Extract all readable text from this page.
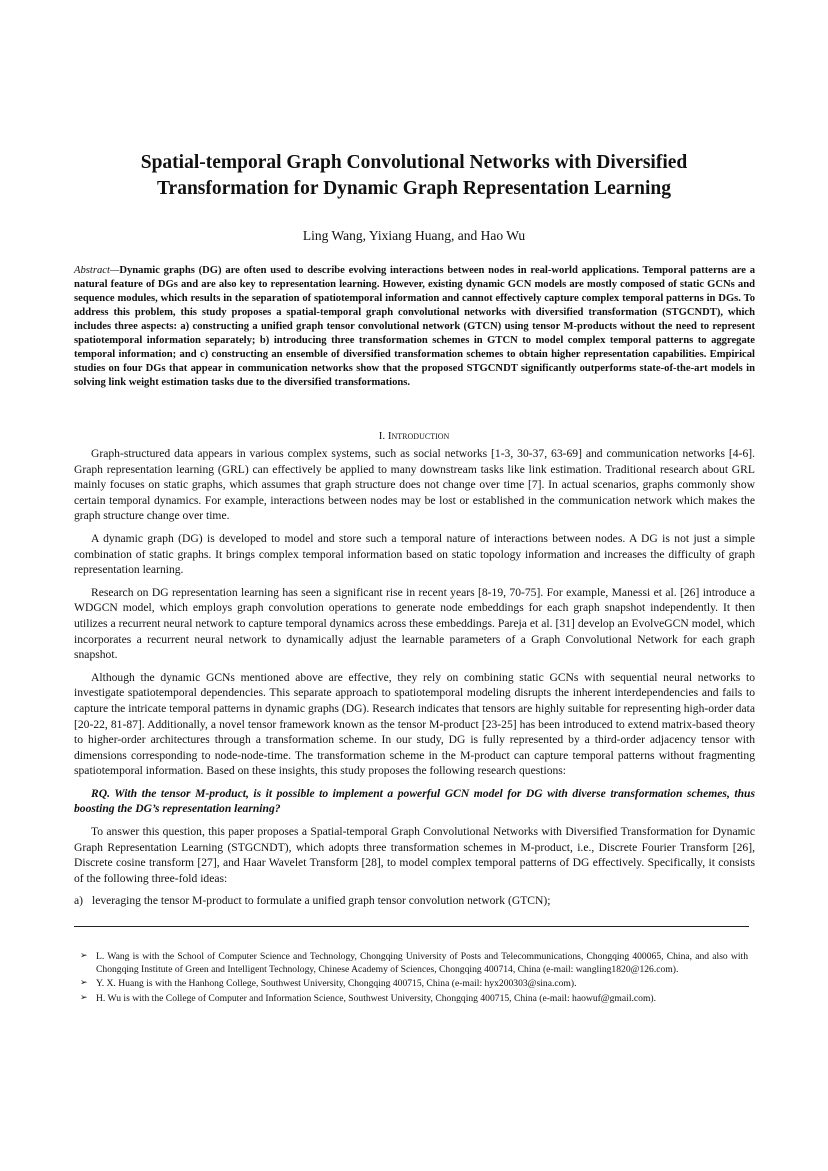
Spatial-temporal Graph Convolutional Networks with Diversified
Transformation for Dynamic Graph Representation Learning
Ling Wang, Yixiang Huang, and Hao Wu

Abstract—Dynamic graphs (DG) are often used to describe evolving interactions between nodes in real-world applications. Temporal patterns are a natural feature of DGs and are also key to representation learning. However, existing dynamic GCN models are mostly composed of static GCNs and sequence modules, which results in the separation of spatiotemporal information and cannot effectively capture complex temporal patterns in DGs. To address this problem, this study proposes a spatial-temporal graph convolutional networks with diversified transformation (STGCNDT), which includes three aspects: a) constructing a unified graph tensor convolutional network (GTCN) using tensor M-products without the need to represent spatiotemporal information separately; b) introducing three transformation schemes in GTCN to model complex temporal patterns to aggregate temporal information; and c) constructing an ensemble of diversified transformation schemes to obtain higher representation capabilities. Empirical studies on four DGs that appear in communication networks show that the proposed STGCNDT significantly outperforms state-of-the-art models in solving link weight estimation tasks due to the diversified transformations.

I. Introduction

Graph-structured data appears in various complex systems, such as social networks [1-3, 30-37, 63-69] and communication networks [4-6]. Graph representation learning (GRL) can effectively be applied to many downstream tasks like link estimation. Traditional research about GRL mainly focuses on static graphs, which assumes that graph structure does not change over time [7]. In actual scenarios, graphs commonly show certain temporal dynamics. For example, interactions between nodes may be lost or established in the communication network which makes the graph structure change over time.

A dynamic graph (DG) is developed to model and store such a temporal nature of interactions between nodes. A DG is not just a simple combination of static graphs. It brings complex temporal information based on static topology information and increases the difficulty of graph representation learning.

Research on DG representation learning has seen a significant rise in recent years [8-19, 70-75]. For example, Manessi et al. [26] introduce a WDGCN model, which employs graph convolution operations to generate node embeddings for each graph snapshot independently. It then utilizes a recurrent neural network to capture temporal dynamics across these embeddings. Pareja et al. [31] develop an EvolveGCN model, which incorporates a recurrent neural network to dynamically adjust the learnable parameters of a Graph Convolutional Network for each graph snapshot.

Although the dynamic GCNs mentioned above are effective, they rely on combining static GCNs with sequential neural networks to investigate spatiotemporal dependencies. This separate approach to spatiotemporal modeling disrupts the inherent interdependencies and fails to capture the intricate temporal patterns in dynamic graphs (DG). Research indicates that tensors are highly suitable for representing high-order data [20-22, 81-87]. Additionally, a novel tensor framework known as the tensor M-product [23-25] has been introduced to extend matrix-based theory to higher-order architectures through a transformation scheme. In our study, DG is fully represented by a third-order adjacency tensor with dimensions corresponding to node-node-time. The transformation scheme in the M-product can capture temporal patterns without fragmenting spatiotemporal information. Based on these insights, this study proposes the following research questions:

RQ. With the tensor M-product, is it possible to implement a powerful GCN model for DG with diverse transformation schemes, thus boosting the DG’s representation learning?

To answer this question, this paper proposes a Spatial-temporal Graph Convolutional Networks with Diversified Transformation for Dynamic Graph Representation Learning (STGCNDT), which adopts three transformation schemes in M-product, i.e., Discrete Fourier Transform [26], Discrete cosine transform [27], and Haar Wavelet Transform [28], to model complex temporal patterns of DG effectively. Specifically, it consists of the following three-fold ideas:

a) leveraging the tensor M-product to formulate a unified graph tensor convolution network (GTCN);

➢ L. Wang is with the School of Computer Science and Technology, Chongqing University of Posts and Telecommunications, Chongqing 400065, China, and also with Chongqing Institute of Green and Intelligent Technology, Chinese Academy of Sciences, Chongqing 400714, China (e-mail: wangling1820@126.com).
➢ Y. X. Huang is with the Hanhong College, Southwest University, Chongqing 400715, China (e-mail: hyx200303@sina.com).
➢ H. Wu is with the College of Computer and Information Science, Southwest University, Chongqing 400715, China (e-mail: haowuf@gmail.com).
